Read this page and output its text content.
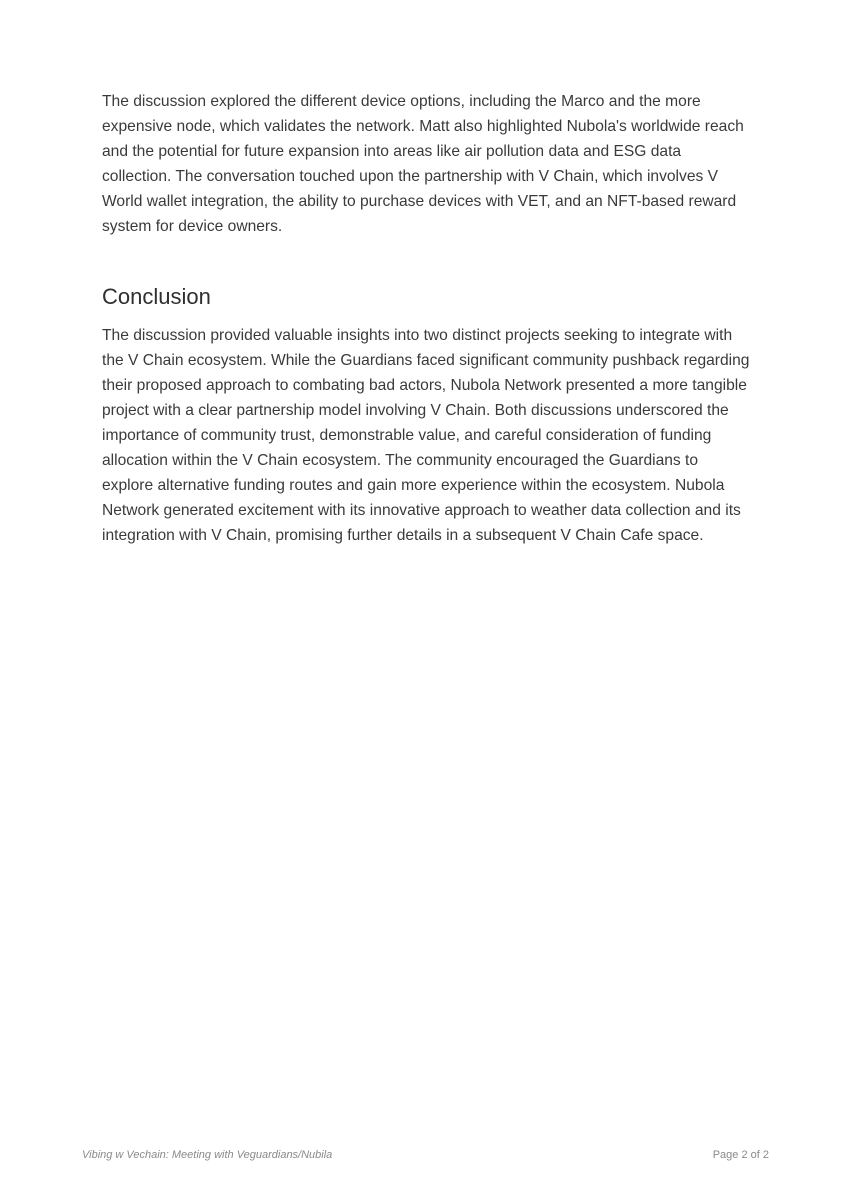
The discussion explored the different device options, including the Marco and the more expensive node, which validates the network. Matt also highlighted Nubola's worldwide reach and the potential for future expansion into areas like air pollution data and ESG data collection. The conversation touched upon the partnership with V Chain, which involves V World wallet integration, the ability to purchase devices with VET, and an NFT-based reward system for device owners.

Conclusion

The discussion provided valuable insights into two distinct projects seeking to integrate with the V Chain ecosystem. While the Guardians faced significant community pushback regarding their proposed approach to combating bad actors, Nubola Network presented a more tangible project with a clear partnership model involving V Chain. Both discussions underscored the importance of community trust, demonstrable value, and careful consideration of funding allocation within the V Chain ecosystem. The community encouraged the Guardians to explore alternative funding routes and gain more experience within the ecosystem. Nubola Network generated excitement with its innovative approach to weather data collection and its integration with V Chain, promising further details in a subsequent V Chain Cafe space.

Vibing w Vechain: Meeting with Veguardians/Nubila	Page 2 of 2
